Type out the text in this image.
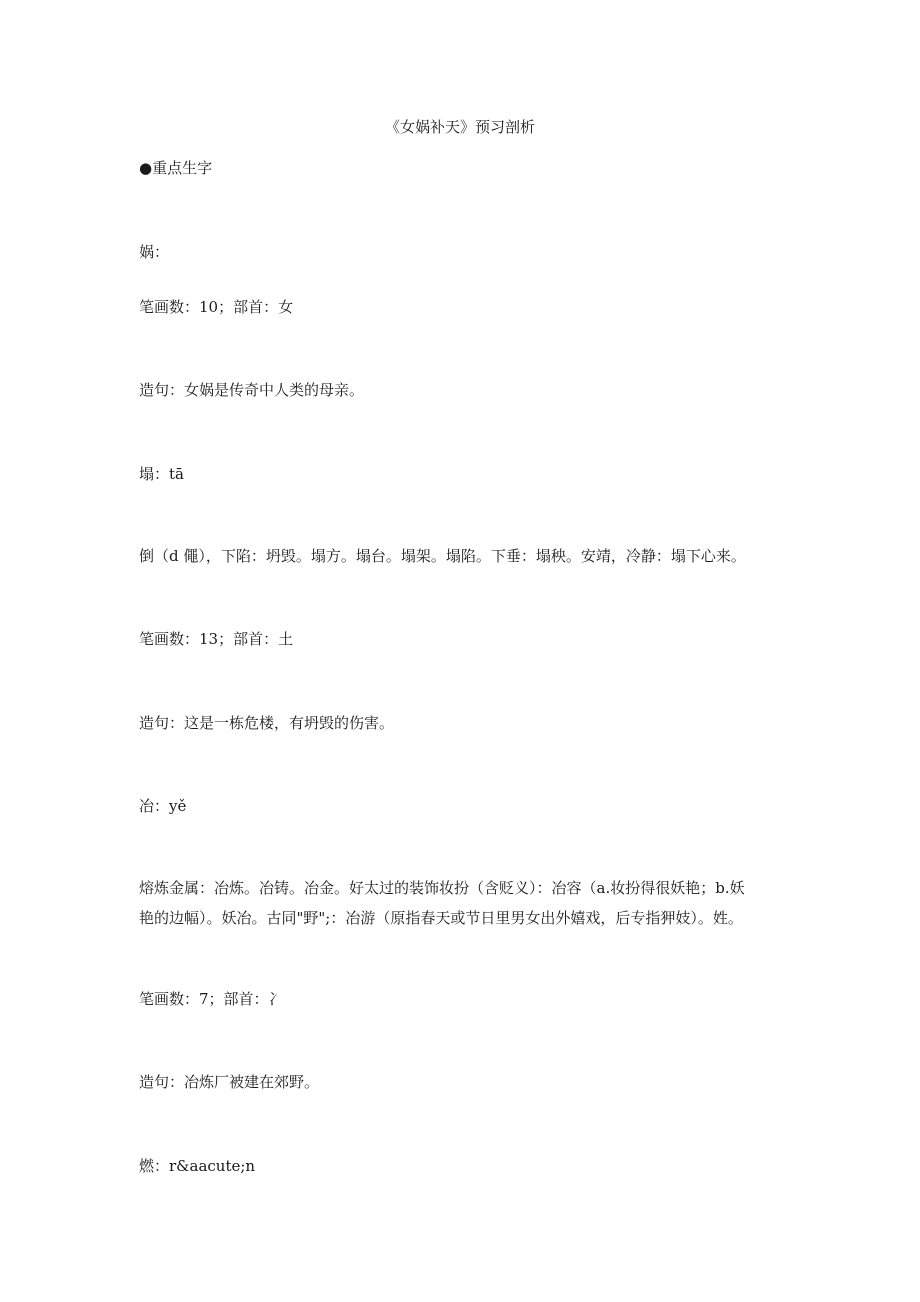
《女娲补天》预习剖析
●重点生字
娲：
笔画数：10；部首：女
造句：女娲是传奇中人类的母亲。
塌：tā
倒（d 僶），下陷：坍毁。塌方。塌台。塌架。塌陷。下垂：塌秧。安靖，冷静：塌下心来。
笔画数：13；部首：土
造句：这是一栋危楼，有坍毁的伤害。
冶：yě
熔炼金属：冶炼。冶铸。冶金。好太过的装饰妆扮（含贬义）：冶容（a.妆扮得很妖艳；b.妖
艳的边幅）。妖冶。古同"野";：冶游（原指春天或节日里男女出外嬉戏，后专指狎妓）。姓。
笔画数：7；部首：冫
造句：冶炼厂被建在郊野。
燃：r&aacute;n
